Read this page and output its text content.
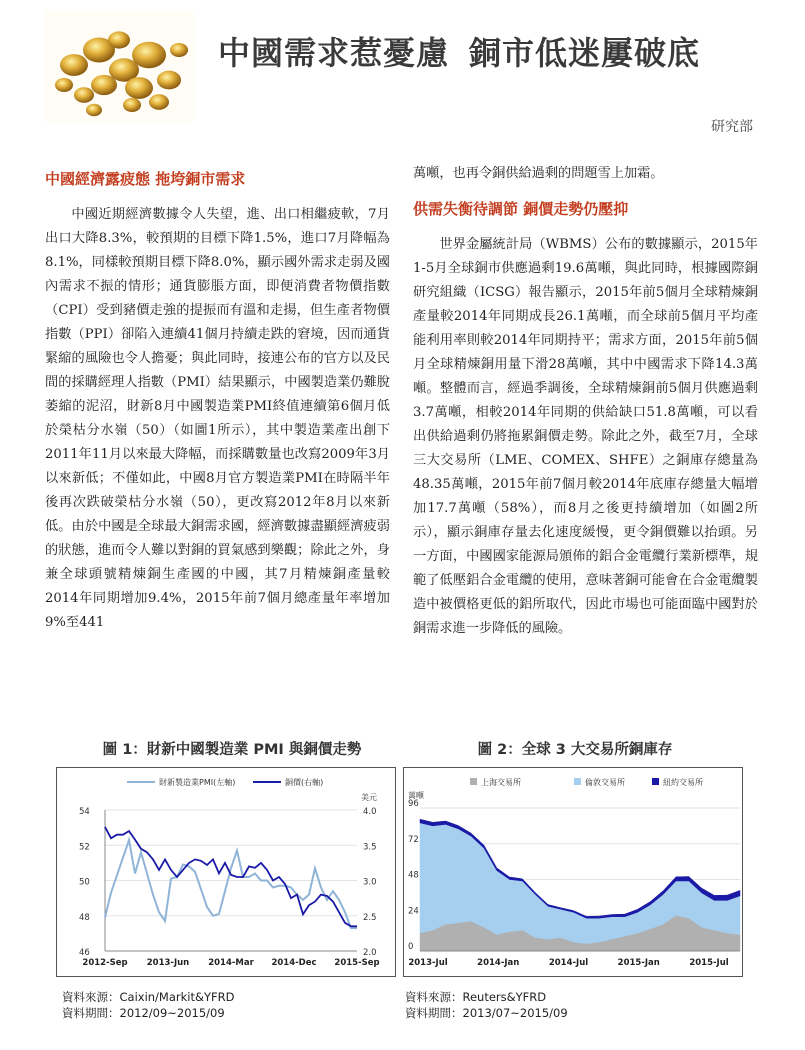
中國需求惹憂慮 銅市低迷屢破底
研究部
中國經濟露疲態 拖垮銅市需求

中國近期經濟數據令人失望，進、出口相繼疲軟，7月出口大降8.3%，較預期的目標下降1.5%，進口7月降幅為8.1%，同樣較預期目標下降8.0%，顯示國外需求走弱及國內需求不振的情形；通貨膨脹方面，即便消費者物價指數（CPI）受到豬價走強的提振而有溫和走揚，但生產者物價指數（PPI）卻陷入連續41個月持續走跌的窘境，因而通貨緊縮的風險也令人擔憂；與此同時，接連公布的官方以及民間的採購經理人指數（PMI）結果顯示，中國製造業仍難脫萎縮的泥沼，財新8月中國製造業PMI終值連續第6個月低於榮枯分水嶺（50）（如圖1所示），其中製造業產出創下2011年11月以來最大降幅，而採購數量也改寫2009年3月以來新低；不僅如此，中國8月官方製造業PMI在時隔半年後再次跌破榮枯分水嶺（50），更改寫2012年8月以來新低。由於中國是全球最大銅需求國，經濟數據盡顯經濟疲弱的狀態，進而令人難以對銅的買氣感到樂觀；除此之外，身兼全球頭號精煉銅生產國的中國，其7月精煉銅產量較2014年同期增加9.4%，2015年前7個月總產量年率增加9%至441

萬噸，也再令銅供給過剩的問題雪上加霜。

供需失衡待調節 銅價走勢仍壓抑

世界金屬統計局（WBMS）公布的數據顯示，2015年1-5月全球銅市供應過剩19.6萬噸，與此同時，根據國際銅研究組織（ICSG）報告顯示，2015年前5個月全球精煉銅產量較2014年同期成長26.1萬噸，而全球前5個月平均產能利用率則較2014年同期持平；需求方面，2015年前5個月全球精煉銅用量下滑28萬噸，其中中國需求下降14.3萬噸。整體而言，經過季調後，全球精煉銅前5個月供應過剩3.7萬噸，相較2014年同期的供給缺口51.8萬噸，可以看出供給過剩仍將拖累銅價走勢。除此之外，截至7月，全球三大交易所（LME、COMEX、SHFE）之銅庫存總量為48.35萬噸，2015年前7個月較2014年底庫存總量大幅增加17.7萬噸（58%），而8月之後更持續增加（如圖2所示），顯示銅庫存量去化速度緩慢，更令銅價難以抬頭。另一方面，中國國家能源局頒佈的鋁合金電纜行業新標準，規範了低壓鋁合金電纜的使用，意味著銅可能會在合金電纜製造中被價格更低的鋁所取代，因此市場也可能面臨中國對於銅需求進一步降低的風險。

圖 1：財新中國製造業 PMI 與銅價走勢
46
48
50
52
54
2.0
2.5
3.0
3.5
4.0
美元
2012-Sep 2013-Jun 2014-Mar 2014-Dec 2015-Sep
財新製造業PMI(左軸)	銅價(右軸)
資料來源：Caixin/Markit&YFRD
資料期間：2012/09~2015/09
圖 2：全球 3 大交易所銅庫存
萬噸
0
24
48
72
96
2013-Jul	2014-Jan	2014-Jul	2015-Jan	2015-Jul
上海交易所	倫敦交易所	紐約交易所
資料來源：Reuters&YFRD
資料期間：2013/07~2015/09
